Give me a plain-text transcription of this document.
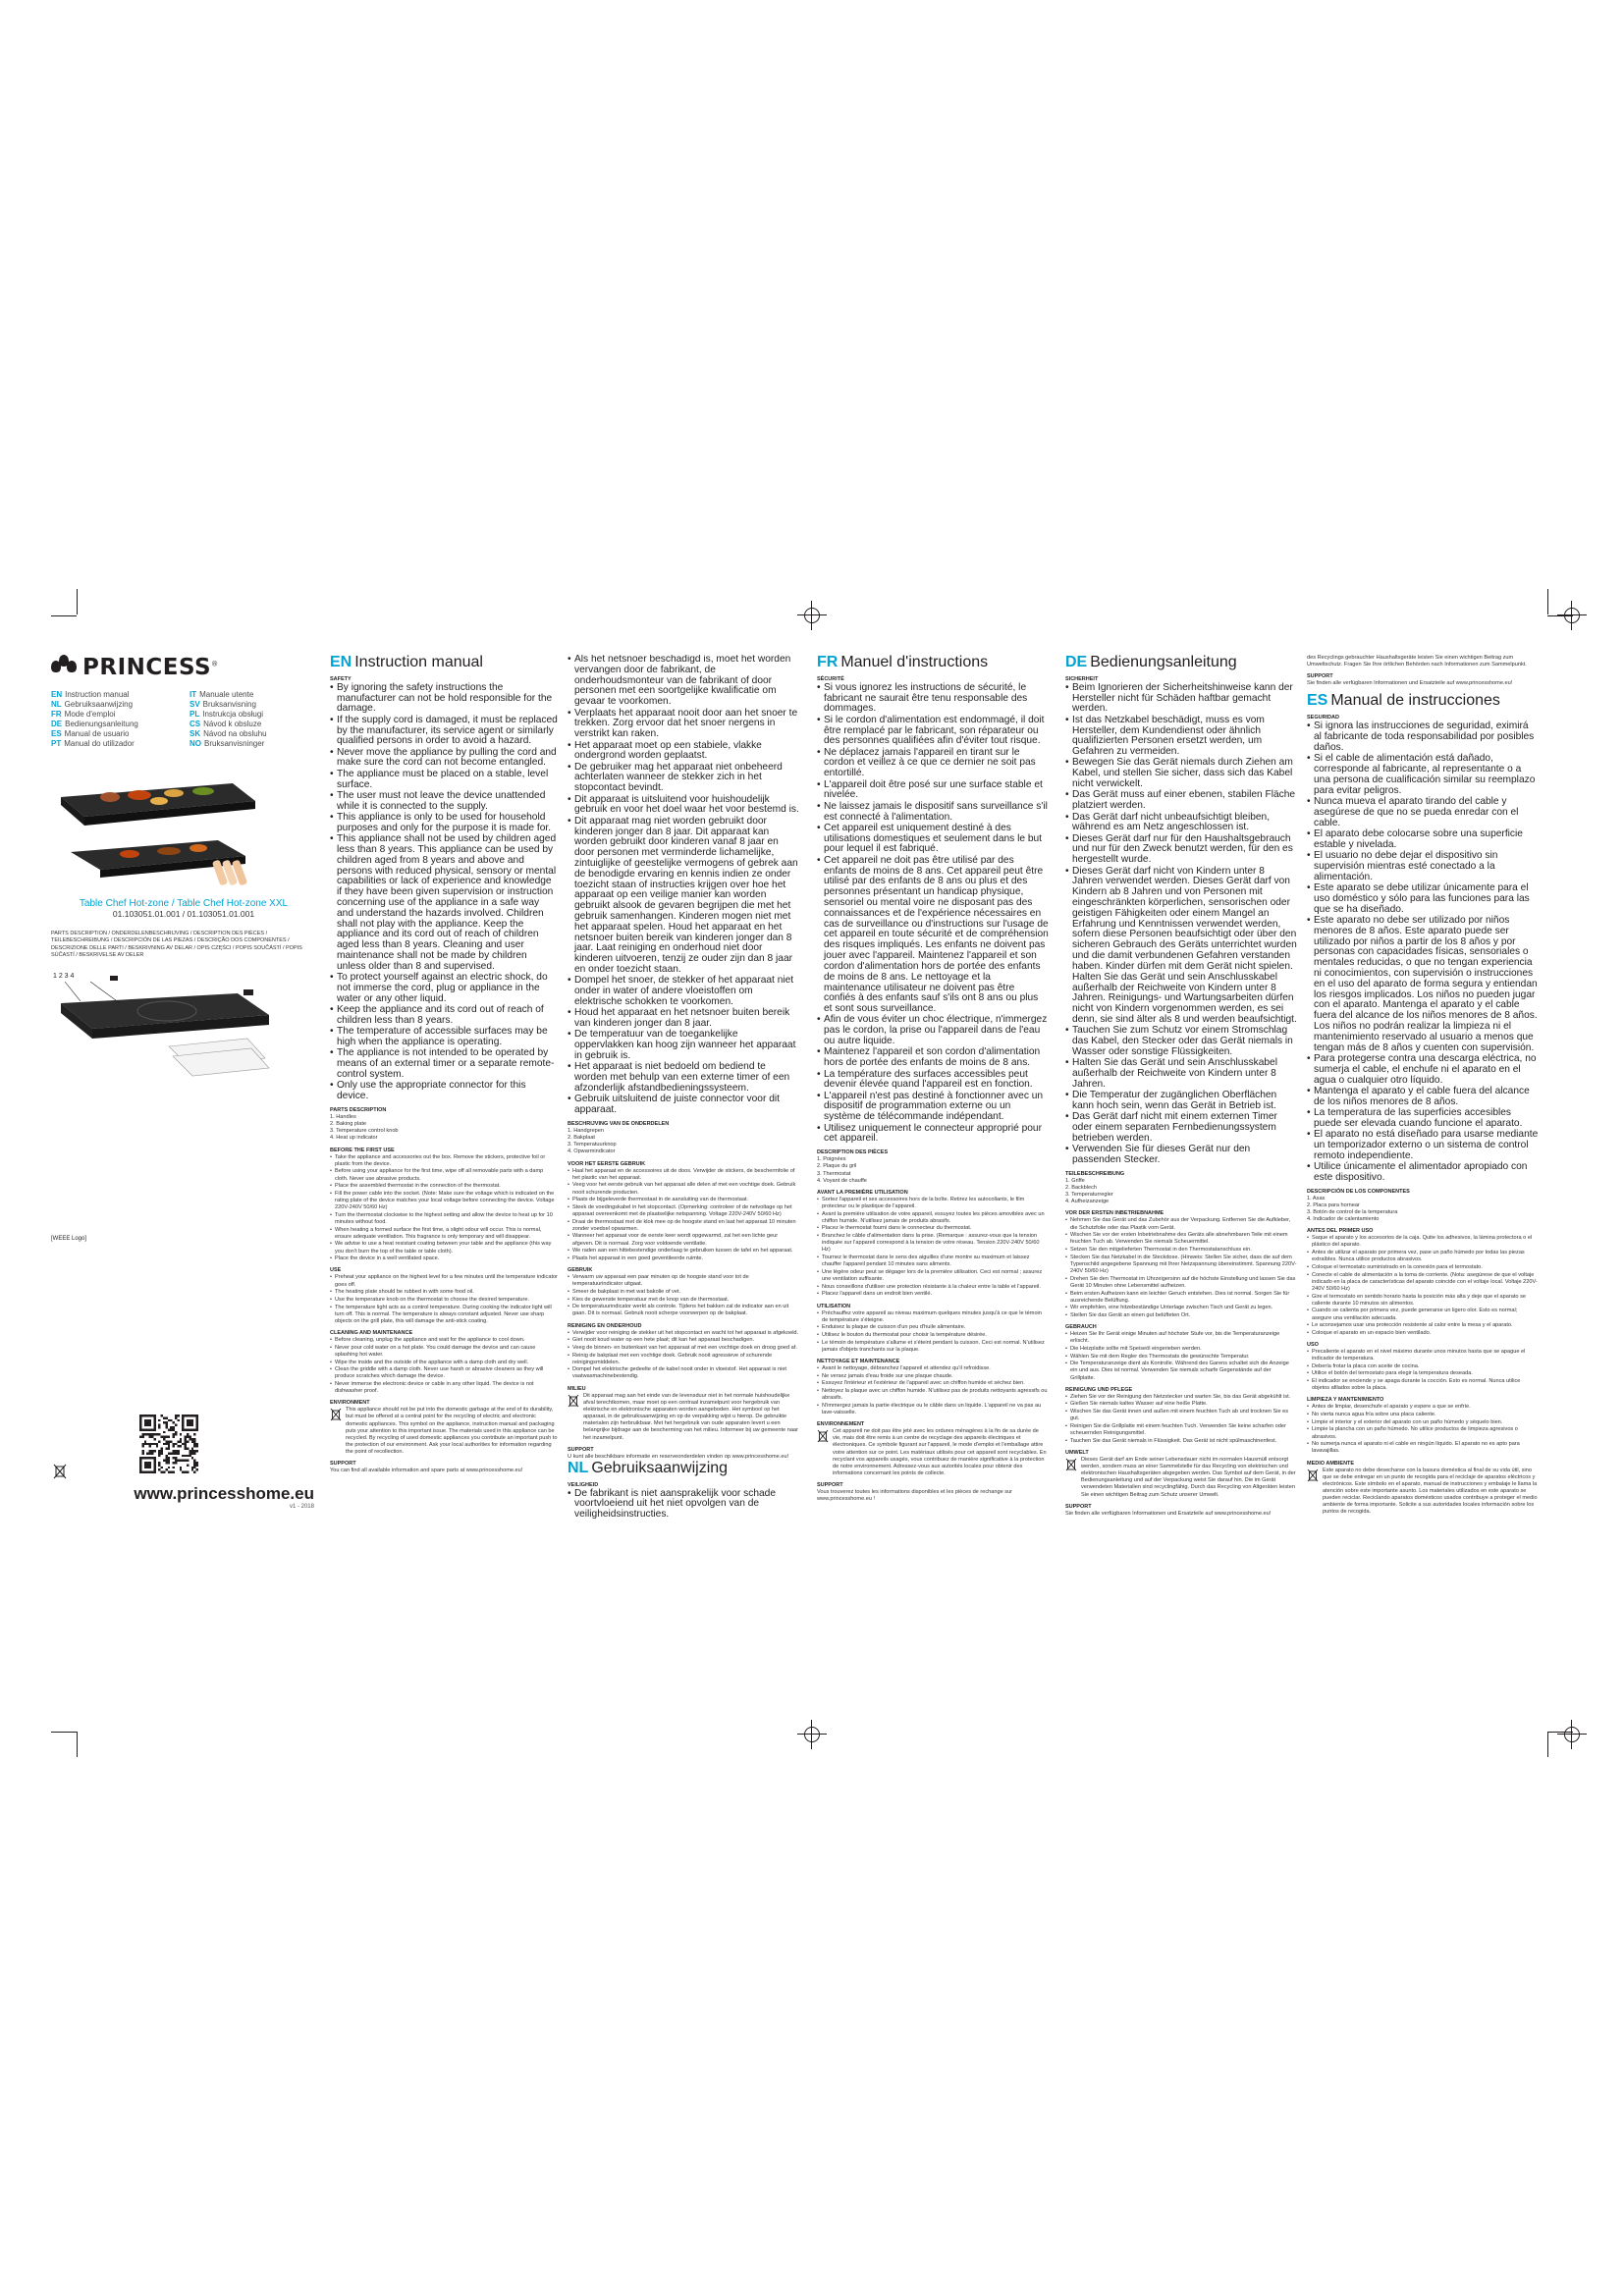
PRINCESS®
EN Instruction manual	IT Manuale utente
NL Gebruiksaanwijzing	SV Bruksanvisning
FR Mode d'emploi	PL Instrukcja obsługi
DE Bedienungsanleitung	CS Návod k obsluze
ES Manual de usuario	SK Návod na obsluhu
PT Manual do utilizador	NO Bruksanvisninger
Table Chef Hot-zone / Table Chef Hot-zone XXL
01.103051.01.001 / 01.103051.01.001
PARTS DESCRIPTION / ONDERDELENBESCHRIJVING / DESCRIPTION DES PIÈCES / TEILEBESCHREIBUNG / DESCRIPCIÓN DE LAS PIEZAS / DESCRIÇÃO DOS COMPONENTES / DESCRIZIONE DELLE PARTI / BESKRIVNING AV DELAR / OPIS CZĘŚCI / POPIS SOUČÁSTÍ / POPIS SÚČASTÍ / BESKRIVELSE AV DELER
1 2 3 4
[WEEE Logo]

www.princesshome.eu
v1 - 2018
EN Instruction manual
SAFETY
• By ignoring the safety instructions the manufacturer can not be hold responsible for the damage.
• If the supply cord is damaged, it must be replaced by the manufacturer, its service agent or similarly qualified persons in order to avoid a hazard.
• Never move the appliance by pulling the cord and make sure the cord can not become entangled.
• The appliance must be placed on a stable, level surface.
• The user must not leave the device unattended while it is connected to the supply.
• This appliance is only to be used for household purposes and only for the purpose it is made for.
• This appliance shall not be used by children aged less than 8 years. This appliance can be used by children aged from 8 years and above and persons with reduced physical, sensory or mental capabilities or lack of experience and knowledge if they have been given supervision or instruction concerning use of the appliance in a safe way and understand the hazards involved. Children shall not play with the appliance. Keep the appliance and its cord out of reach of children aged less than 8 years. Cleaning and user maintenance shall not be made by children unless older than 8 and supervised.
• To protect yourself against an electric shock, do not immerse the cord, plug or appliance in the water or any other liquid.
• Keep the appliance and its cord out of reach of children less than 8 years.
• The temperature of accessible surfaces may be high when the appliance is operating.
• The appliance is not intended to be operated by means of an external timer or a separate remote-control system.
• Only use the appropriate connector for this device.
PARTS DESCRIPTION
1. Handles
2. Baking plate
3. Temperature control knob
4. Heat up indicator
BEFORE THE FIRST USE
• Take the appliance and accessories out the box. Remove the stickers, protective foil or plastic from the device.
• Before using your appliance for the first time, wipe off all removable parts with a damp cloth. Never use abrasive products.
• Place the assembled thermostat in the connection of the thermostat.
• Fill the power cable into the socket. (Note: Make sure the voltage which is indicated on the rating plate of the device matches your local voltage before connecting the device. Voltage 220V-240V 50/60 Hz)
• Turn the thermostat clockwise to the highest setting and allow the device to heat up for 10 minutes without food.
• When heating a formed surface the first time, a slight odour will occur. This is normal, ensure adequate ventilation. This fragrance is only temporary and will disappear.
• We advise to use a heat resistant coating between your table and the appliance (this way you don't burn the top of the table or table cloth).
• Place the device in a well ventilated space.
USE
• Preheat your appliance on the highest level for a few minutes until the temperature indicator goes off.
• The heating plate should be rubbed in with some food oil.
• Use the temperature knob on the thermostat to choose the desired temperature.
• The temperature light acts as a control temperature. During cooking the indicator light will turn off. This is normal. The temperature is always constant adjusted. Never use sharp objects on the grill plate, this will damage the anti-stick coating.
CLEANING AND MAINTENANCE
• Before cleaning, unplug the appliance and wait for the appliance to cool down.
• Never pour cold water on a hot plate. You could damage the device and can cause splashing hot water.
• Wipe the inside and the outside of the appliance with a damp cloth and dry well.
• Clean the griddle with a damp cloth. Never use harsh or abrasive cleaners as they will produce scratches which damage the device.
• Never immerse the electronic device or cable in any other liquid. The device is not dishwasher proof.
ENVIRONMENT
This appliance should not be put into the domestic garbage at the end of its durability, but must be offered at a central point for the recycling of electric and electronic domestic appliances. This symbol on the appliance, instruction manual and packaging puts your attention to this important issue. The materials used in this appliance can be recycled. By recycling of used domestic appliances you contribute an important push to the protection of our environment. Ask your local authorities for information regarding the point of recollection.
SUPPORT
You can find all available information and spare parts at www.princesshome.eu!
• Als het netsnoer beschadigd is, moet het worden vervangen door de fabrikant, de onderhoudsmonteur van de fabrikant of door personen met een soortgelijke kwalificatie om gevaar te voorkomen.
• Verplaats het apparaat nooit door aan het snoer te trekken. Zorg ervoor dat het snoer nergens in verstrikt kan raken.
• Het apparaat moet op een stabiele, vlakke ondergrond worden geplaatst.
• De gebruiker mag het apparaat niet onbeheerd achterlaten wanneer de stekker zich in het stopcontact bevindt.
• Dit apparaat is uitsluitend voor huishoudelijk gebruik en voor het doel waar het voor bestemd is.
• Dit apparaat mag niet worden gebruikt door kinderen jonger dan 8 jaar. Dit apparaat kan worden gebruikt door kinderen vanaf 8 jaar en door personen met verminderde lichamelijke, zintuiglijke of geestelijke vermogens of gebrek aan de benodigde ervaring en kennis indien ze onder toezicht staan of instructies krijgen over hoe het apparaat op een veilige manier kan worden gebruikt alsook de gevaren begrijpen die met het gebruik samenhangen. Kinderen mogen niet met het apparaat spelen. Houd het apparaat en het netsnoer buiten bereik van kinderen jonger dan 8 jaar. Laat reiniging en onderhoud niet door kinderen uitvoeren, tenzij ze ouder zijn dan 8 jaar en onder toezicht staan.
• Dompel het snoer, de stekker of het apparaat niet onder in water of andere vloeistoffen om elektrische schokken te voorkomen.
• Houd het apparaat en het netsnoer buiten bereik van kinderen jonger dan 8 jaar.
• De temperatuur van de toegankelijke oppervlakken kan hoog zijn wanneer het apparaat in gebruik is.
• Het apparaat is niet bedoeld om bediend te worden met behulp van een externe timer of een afzonderlijk afstandbedieningssysteem.
• Gebruik uitsluitend de juiste connector voor dit apparaat.
BESCHRIJVING VAN DE ONDERDELEN
1. Handgrepen
2. Bakplaat
3. Temperatuurknop
4. Opwarmindicator
VOOR HET EERSTE GEBRUIK
• Haal het apparaat en de accessoires uit de doos. Verwijder de stickers, de beschermfolie of het plastic van het apparaat.
• Veeg voor het eerste gebruik van het apparaat alle delen af met een vochtige doek. Gebruik nooit schurende producten.
• Plaats de bijgeleverde thermostaat in de aansluiting van de thermostaat.
• Steek de voedingskabel in het stopcontact. (Opmerking: controleer of de netvoltage op het apparaat overeenkomt met de plaatselijke netspanning. Voltage 220V-240V 50/60 Hz)
• Draai de thermostaat met de klok mee op de hoogste stand en laat het apparaat 10 minuten zonder voedsel opwarmen.
• Wanneer het apparaat voor de eerste keer wordt opgewarmd, zal het een lichte geur afgeven. Dit is normaal. Zorg voor voldoende ventilatie.
• We raden aan een hittebestendige onderlaag te gebruiken tussen de tafel en het apparaat.
• Plaats het apparaat in een goed geventileerde ruimte.
GEBRUIK
• Verwarm uw apparaat een paar minuten op de hoogste stand voor tot de temperatuurindicator uitgaat.
• Smeer de bakplaat in met wat bakolie of vet.
• Kies de gewenste temperatuur met de knop van de thermostaat.
• De temperatuurindicator werkt als controle. Tijdens het bakken zal de indicator aan en uit gaan. Dit is normaal. Gebruik nooit scherpe voorwerpen op de bakplaat.
REINIGING EN ONDERHOUD
• Verwijder voor reiniging de stekker uit het stopcontact en wacht tot het apparaat is afgekoeld.
• Giet nooit koud water op een hete plaat; dit kan het apparaat beschadigen.
• Veeg de binnen- en buitenkant van het apparaat af met een vochtige doek en droog goed af.
• Reinig de bakplaat met een vochtige doek. Gebruik nooit agressieve of schurende reinigingsmiddelen.
• Dompel het elektrische gedeelte of de kabel nooit onder in vloeistof. Het apparaat is niet vaatwasmachinebestendig.
MILIEU
Dit apparaat mag aan het einde van de levensduur niet in het normale huishoudelijke afval terechtkomen, maar moet op een centraal inzamelpunt voor hergebruik van elektrische en elektronische apparaten worden aangeboden. Het symbool op het apparaat, in de gebruiksaanwijzing en op de verpakking wijst u hierop. De gebruikte materialen zijn herbruikbaar. Met het hergebruik van oude apparaten levert u een belangrijke bijdrage aan de bescherming van het milieu. Informeer bij uw gemeente naar het inzamelpunt.
SUPPORT
U kunt alle beschikbare informatie en reserveonderdelen vinden op www.princesshome.eu!
NL Gebruiksaanwijzing
VEILIGHEID
• De fabrikant is niet aansprakelijk voor schade voortvloeiend uit het niet opvolgen van de veiligheidsinstructies.
FR Manuel d'instructions
SÉCURITÉ
• Si vous ignorez les instructions de sécurité, le fabricant ne saurait être tenu responsable des dommages.
• Si le cordon d'alimentation est endommagé, il doit être remplacé par le fabricant, son réparateur ou des personnes qualifiées afin d'éviter tout risque.
• Ne déplacez jamais l'appareil en tirant sur le cordon et veillez à ce que ce dernier ne soit pas entortillé.
• L'appareil doit être posé sur une surface stable et nivelée.
• Ne laissez jamais le dispositif sans surveillance s'il est connecté à l'alimentation.
• Cet appareil est uniquement destiné à des utilisations domestiques et seulement dans le but pour lequel il est fabriqué.
• Cet appareil ne doit pas être utilisé par des enfants de moins de 8 ans. Cet appareil peut être utilisé par des enfants de 8 ans ou plus et des personnes présentant un handicap physique, sensoriel ou mental voire ne disposant pas des connaissances et de l'expérience nécessaires en cas de surveillance ou d'instructions sur l'usage de cet appareil en toute sécurité et de compréhension des risques impliqués. Les enfants ne doivent pas jouer avec l'appareil. Maintenez l'appareil et son cordon d'alimentation hors de portée des enfants de moins de 8 ans. Le nettoyage et la maintenance utilisateur ne doivent pas être confiés à des enfants sauf s'ils ont 8 ans ou plus et sont sous surveillance.
• Afin de vous éviter un choc électrique, n'immergez pas le cordon, la prise ou l'appareil dans de l'eau ou autre liquide.
• Maintenez l'appareil et son cordon d'alimentation hors de portée des enfants de moins de 8 ans.
• La température des surfaces accessibles peut devenir élevée quand l'appareil est en fonction.
• L'appareil n'est pas destiné à fonctionner avec un dispositif de programmation externe ou un système de télécommande indépendant.
• Utilisez uniquement le connecteur approprié pour cet appareil.
DESCRIPTION DES PIÈCES
1. Poignées
2. Plaque du gril
3. Thermostat
4. Voyant de chauffe
AVANT LA PREMIÈRE UTILISATION
• Sortez l'appareil et ses accessoires hors de la boîte. Retirez les autocollants, le film protecteur ou le plastique de l'appareil.
• Avant la première utilisation de votre appareil, essuyez toutes les pièces amovibles avec un chiffon humide. N'utilisez jamais de produits abrasifs.
• Placez le thermostat fourni dans le connecteur du thermostat.
• Branchez le câble d'alimentation dans la prise. (Remarque : assurez-vous que la tension indiquée sur l'appareil correspond à la tension de votre réseau. Tension 220V-240V 50/60 Hz)
• Tournez le thermostat dans le sens des aiguilles d'une montre au maximum et laissez chauffer l'appareil pendant 10 minutes sans aliments.
• Une légère odeur peut se dégager lors de la première utilisation. Ceci est normal ; assurez une ventilation suffisante.
• Nous conseillons d'utiliser une protection résistante à la chaleur entre la table et l'appareil.
• Placez l'appareil dans un endroit bien ventilé.
UTILISATION
• Préchauffez votre appareil au niveau maximum quelques minutes jusqu'à ce que le témoin de température s'éteigne.
• Enduisez la plaque de cuisson d'un peu d'huile alimentaire.
• Utilisez le bouton du thermostat pour choisir la température désirée.
• Le témoin de température s'allume et s'éteint pendant la cuisson. Ceci est normal. N'utilisez jamais d'objets tranchants sur la plaque.
NETTOYAGE ET MAINTENANCE
• Avant le nettoyage, débranchez l'appareil et attendez qu'il refroidisse.
• Ne versez jamais d'eau froide sur une plaque chaude.
• Essuyez l'intérieur et l'extérieur de l'appareil avec un chiffon humide et séchez bien.
• Nettoyez la plaque avec un chiffon humide. N'utilisez pas de produits nettoyants agressifs ou abrasifs.
• N'immergez jamais la partie électrique ou le câble dans un liquide. L'appareil ne va pas au lave-vaisselle.
ENVIRONNEMENT
Cet appareil ne doit pas être jeté avec les ordures ménagères à la fin de sa durée de vie, mais doit être remis à un centre de recyclage des appareils électriques et électroniques. Ce symbole figurant sur l'appareil, le mode d'emploi et l'emballage attire votre attention sur ce point. Les matériaux utilisés pour cet appareil sont recyclables. En recyclant vos appareils usagés, vous contribuez de manière significative à la protection de notre environnement. Adressez-vous aux autorités locales pour obtenir des informations concernant les points de collecte.
SUPPORT
Vous trouverez toutes les informations disponibles et les pièces de rechange sur www.princesshome.eu !
DE Bedienungsanleitung
SICHERHEIT
• Beim Ignorieren der Sicherheitshinweise kann der Hersteller nicht für Schäden haftbar gemacht werden.
• Ist das Netzkabel beschädigt, muss es vom Hersteller, dem Kundendienst oder ähnlich qualifizierten Personen ersetzt werden, um Gefahren zu vermeiden.
• Bewegen Sie das Gerät niemals durch Ziehen am Kabel, und stellen Sie sicher, dass sich das Kabel nicht verwickelt.
• Das Gerät muss auf einer ebenen, stabilen Fläche platziert werden.
• Das Gerät darf nicht unbeaufsichtigt bleiben, während es am Netz angeschlossen ist.
• Dieses Gerät darf nur für den Haushaltsgebrauch und nur für den Zweck benutzt werden, für den es hergestellt wurde.
• Dieses Gerät darf nicht von Kindern unter 8 Jahren verwendet werden. Dieses Gerät darf von Kindern ab 8 Jahren und von Personen mit eingeschränkten körperlichen, sensorischen oder geistigen Fähigkeiten oder einem Mangel an Erfahrung und Kenntnissen verwendet werden, sofern diese Personen beaufsichtigt oder über den sicheren Gebrauch des Geräts unterrichtet wurden und die damit verbundenen Gefahren verstanden haben. Kinder dürfen mit dem Gerät nicht spielen. Halten Sie das Gerät und sein Anschlusskabel außerhalb der Reichweite von Kindern unter 8 Jahren. Reinigungs- und Wartungsarbeiten dürfen nicht von Kindern vorgenommen werden, es sei denn, sie sind älter als 8 und werden beaufsichtigt.
• Tauchen Sie zum Schutz vor einem Stromschlag das Kabel, den Stecker oder das Gerät niemals in Wasser oder sonstige Flüssigkeiten.
• Halten Sie das Gerät und sein Anschlusskabel außerhalb der Reichweite von Kindern unter 8 Jahren.
• Die Temperatur der zugänglichen Oberflächen kann hoch sein, wenn das Gerät in Betrieb ist.
• Das Gerät darf nicht mit einem externen Timer oder einem separaten Fernbedienungssystem betrieben werden.
• Verwenden Sie für dieses Gerät nur den passenden Stecker.
TEILEBESCHREIBUNG
1. Griffe
2. Backblech
3. Temperaturregler
4. Aufheizanzeige
VOR DER ERSTEN INBETRIEBNAHME
• Nehmen Sie das Gerät und das Zubehör aus der Verpackung. Entfernen Sie die Aufkleber, die Schutzfolie oder das Plastik vom Gerät.
• Wischen Sie vor der ersten Inbetriebnahme des Geräts alle abnehmbaren Teile mit einem feuchten Tuch ab. Verwenden Sie niemals Scheuermittel.
• Setzen Sie den mitgelieferten Thermostat in den Thermostatanschluss ein.
• Stecken Sie das Netzkabel in die Steckdose. (Hinweis: Stellen Sie sicher, dass die auf dem Typenschild angegebene Spannung mit Ihrer Netzspannung übereinstimmt. Spannung 220V-240V 50/60 Hz)
• Drehen Sie den Thermostat im Uhrzeigersinn auf die höchste Einstellung und lassen Sie das Gerät 10 Minuten ohne Lebensmittel aufheizen.
• Beim ersten Aufheizen kann ein leichter Geruch entstehen. Dies ist normal. Sorgen Sie für ausreichende Belüftung.
• Wir empfehlen, eine hitzebeständige Unterlage zwischen Tisch und Gerät zu legen.
• Stellen Sie das Gerät an einen gut belüfteten Ort.
GEBRAUCH
• Heizen Sie Ihr Gerät einige Minuten auf höchster Stufe vor, bis die Temperaturanzeige erlischt.
• Die Heizplatte sollte mit Speiseöl eingerieben werden.
• Wählen Sie mit dem Regler des Thermostats die gewünschte Temperatur.
• Die Temperaturanzeige dient als Kontrolle. Während des Garens schaltet sich die Anzeige ein und aus. Dies ist normal. Verwenden Sie niemals scharfe Gegenstände auf der Grillplatte.
REINIGUNG UND PFLEGE
• Ziehen Sie vor der Reinigung den Netzstecker und warten Sie, bis das Gerät abgekühlt ist.
• Gießen Sie niemals kaltes Wasser auf eine heiße Platte.
• Wischen Sie das Gerät innen und außen mit einem feuchten Tuch ab und trocknen Sie es gut.
• Reinigen Sie die Grillplatte mit einem feuchten Tuch. Verwenden Sie keine scharfen oder scheuernden Reinigungsmittel.
• Tauchen Sie das Gerät niemals in Flüssigkeit. Das Gerät ist nicht spülmaschinenfest.
UMWELT
Dieses Gerät darf am Ende seiner Lebensdauer nicht im normalen Hausmüll entsorgt werden, sondern muss an einer Sammelstelle für das Recycling von elektrischen und elektronischen Haushaltsgeräten abgegeben werden. Das Symbol auf dem Gerät, in der Bedienungsanleitung und auf der Verpackung weist Sie darauf hin. Die im Gerät verwendeten Materialien sind recyclingfähig. Durch das Recycling von Altgeräten leisten Sie einen wichtigen Beitrag zum Schutz unserer Umwelt.
SUPPORT
Sie finden alle verfügbaren Informationen und Ersatzteile auf www.princesshome.eu!
des Recyclings gebrauchter Haushaltsgeräte leisten Sie einen wichtigen Beitrag zum Umweltschutz. Fragen Sie Ihre örtlichen Behörden nach Informationen zum Sammelpunkt.
SUPPORT
Sie finden alle verfügbaren Informationen und Ersatzteile auf www.princesshome.eu!
ES Manual de instrucciones
SEGURIDAD
• Si ignora las instrucciones de seguridad, eximirá al fabricante de toda responsabilidad por posibles daños.
• Si el cable de alimentación está dañado, corresponde al fabricante, al representante o a una persona de cualificación similar su reemplazo para evitar peligros.
• Nunca mueva el aparato tirando del cable y asegúrese de que no se pueda enredar con el cable.
• El aparato debe colocarse sobre una superficie estable y nivelada.
• El usuario no debe dejar el dispositivo sin supervisión mientras esté conectado a la alimentación.
• Este aparato se debe utilizar únicamente para el uso doméstico y sólo para las funciones para las que se ha diseñado.
• Este aparato no debe ser utilizado por niños menores de 8 años. Este aparato puede ser utilizado por niños a partir de los 8 años y por personas con capacidades físicas, sensoriales o mentales reducidas, o que no tengan experiencia ni conocimientos, con supervisión o instrucciones en el uso del aparato de forma segura y entiendan los riesgos implicados. Los niños no pueden jugar con el aparato. Mantenga el aparato y el cable fuera del alcance de los niños menores de 8 años. Los niños no podrán realizar la limpieza ni el mantenimiento reservado al usuario a menos que tengan más de 8 años y cuenten con supervisión.
• Para protegerse contra una descarga eléctrica, no sumerja el cable, el enchufe ni el aparato en el agua o cualquier otro líquido.
• Mantenga el aparato y el cable fuera del alcance de los niños menores de 8 años.
• La temperatura de las superficies accesibles puede ser elevada cuando funcione el aparato.
• El aparato no está diseñado para usarse mediante un temporizador externo o un sistema de control remoto independiente.
• Utilice únicamente el alimentador apropiado con este dispositivo.
DESCRIPCIÓN DE LOS COMPONENTES
1. Asas
2. Placa para hornear
3. Botón de control de la temperatura
4. Indicador de calentamiento
ANTES DEL PRIMER USO
• Saque el aparato y los accesorios de la caja. Quite los adhesivos, la lámina protectora o el plástico del aparato.
• Antes de utilizar el aparato por primera vez, pase un paño húmedo por todas las piezas extraíbles. Nunca utilice productos abrasivos.
• Coloque el termostato suministrado en la conexión para el termostato.
• Conecte el cable de alimentación a la toma de corriente. (Nota: asegúrese de que el voltaje indicado en la placa de características del aparato coincide con el voltaje local. Voltaje 220V-240V 50/60 Hz)
• Gire el termostato en sentido horario hasta la posición más alta y deje que el aparato se caliente durante 10 minutos sin alimentos.
• Cuando se calienta por primera vez, puede generarse un ligero olor. Esto es normal; asegure una ventilación adecuada.
• Le aconsejamos usar una protección resistente al calor entre la mesa y el aparato.
• Coloque el aparato en un espacio bien ventilado.
USO
• Precaliente el aparato en el nivel máximo durante unos minutos hasta que se apague el indicador de temperatura.
• Debería frotar la placa con aceite de cocina.
• Utilice el botón del termostato para elegir la temperatura deseada.
• El indicador se enciende y se apaga durante la cocción. Esto es normal. Nunca utilice objetos afilados sobre la placa.
LIMPIEZA Y MANTENIMIENTO
• Antes de limpiar, desenchufe el aparato y espere a que se enfríe.
• No vierta nunca agua fría sobre una placa caliente.
• Limpie el interior y el exterior del aparato con un paño húmedo y séquelo bien.
• Limpie la plancha con un paño húmedo. No utilice productos de limpieza agresivos o abrasivos.
• No sumerja nunca el aparato ni el cable en ningún líquido. El aparato no es apto para lavavajillas.
MEDIO AMBIENTE
Este aparato no debe desecharse con la basura doméstica al final de su vida útil, sino que se debe entregar en un punto de recogida para el reciclaje de aparatos eléctricos y electrónicos. Este símbolo en el aparato, manual de instrucciones y embalaje le llama la atención sobre este importante asunto. Los materiales utilizados en este aparato se pueden reciclar. Reciclando aparatos domésticos usados contribuye a proteger el medio ambiente de forma importante. Solicite a sus autoridades locales información sobre los puntos de recogida.
